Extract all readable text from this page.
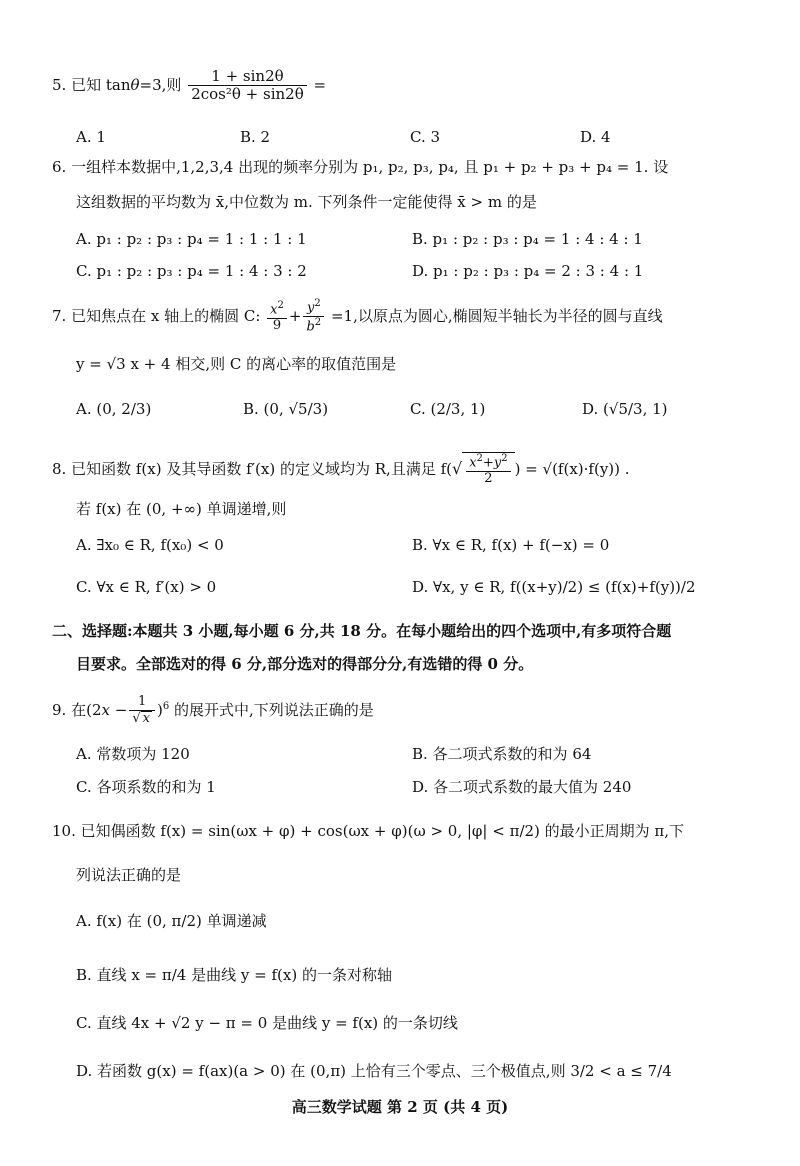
5. 已知 tanθ=3,则 $\frac{1 + \sin 2\theta}{\text{2cos²θ + sin2θ}}$ =
A. 1	B. 2	C. 3	D. 4
6. 一组样本数据中,1,2,3,4 出现的频率分别为 p₁, p₂, p₃, p₄, 且 p₁ + p₂ + p₃ + p₄ = 1. 设
这组数据的平均数为 x̄,中位数为 m. 下列条件一定能使得 x̄ > m 的是
A. p₁ : p₂ : p₃ : p₄ = 1 : 1 : 1 : 1	B. p₁ : p₂ : p₃ : p₄ = 1 : 4 : 4 : 1
C. p₁ : p₂ : p₃ : p₄ = 1 : 4 : 3 : 2	D. p₁ : p₂ : p₃ : p₄ = 2 : 3 : 4 : 1
7. 已知焦点在 x 轴上的椭圆 C: $\frac{x^2}{9} + \frac{y^2}{b^2} =1$,以原点为圆心,椭圆短半轴长为半径的圆与直线
y = √3 x + 4 相交,则 C 的离心率的取值范围是
A. (0, 2/3)	B. (0, √5/3)	C. (2/3, 1)	D. (√5/3, 1)
8. 已知函数 f(x) 及其导函数 f′(x) 的定义域均为 R,且满足 $f(√ \frac{x^2+y^2}{2}$ ) = √(f(x)·f(y)) .
若 f(x) 在 (0, +∞) 单调递增,则
A. ∃x₀ ∈ R, f(x₀) < 0	B. ∀x ∈ R, f(x) + f(−x) = 0
C. ∀x ∈ R, f′(x) > 0	D. ∀x, y ∈ R, f((x+y)/2) ≤ (f(x)+f(y))/2
二、选择题:本题共 3 小题,每小题 6 分,共 18 分。在每小题给出的四个选项中,有多项符合题
目要求。全部选对的得 6 分,部分选对的得部分分,有选错的得 0 分。
9. 在$(2x - \frac{1}{√ x} )^6$ 的展开式中,下列说法正确的是
A. 常数项为 120	B. 各二项式系数的和为 64
C. 各项系数的和为 1	D. 各二项式系数的最大值为 240
10. 已知偶函数 f(x) = sin(ωx + φ) + cos(ωx + φ)(ω > 0, |φ| < π/2) 的最小正周期为 π,下
列说法正确的是
A. f(x) 在 (0, π/2) 单调递减
B. 直线 x = π/4 是曲线 y = f(x) 的一条对称轴
C. 直线 4x + √2 y − π = 0 是曲线 y = f(x) 的一条切线
D. 若函数 g(x) = f(ax)(a > 0) 在 (0,π) 上恰有三个零点、三个极值点,则 3/2 < a ≤ 7/4
高三数学试题 第 2 页 (共 4 页)
